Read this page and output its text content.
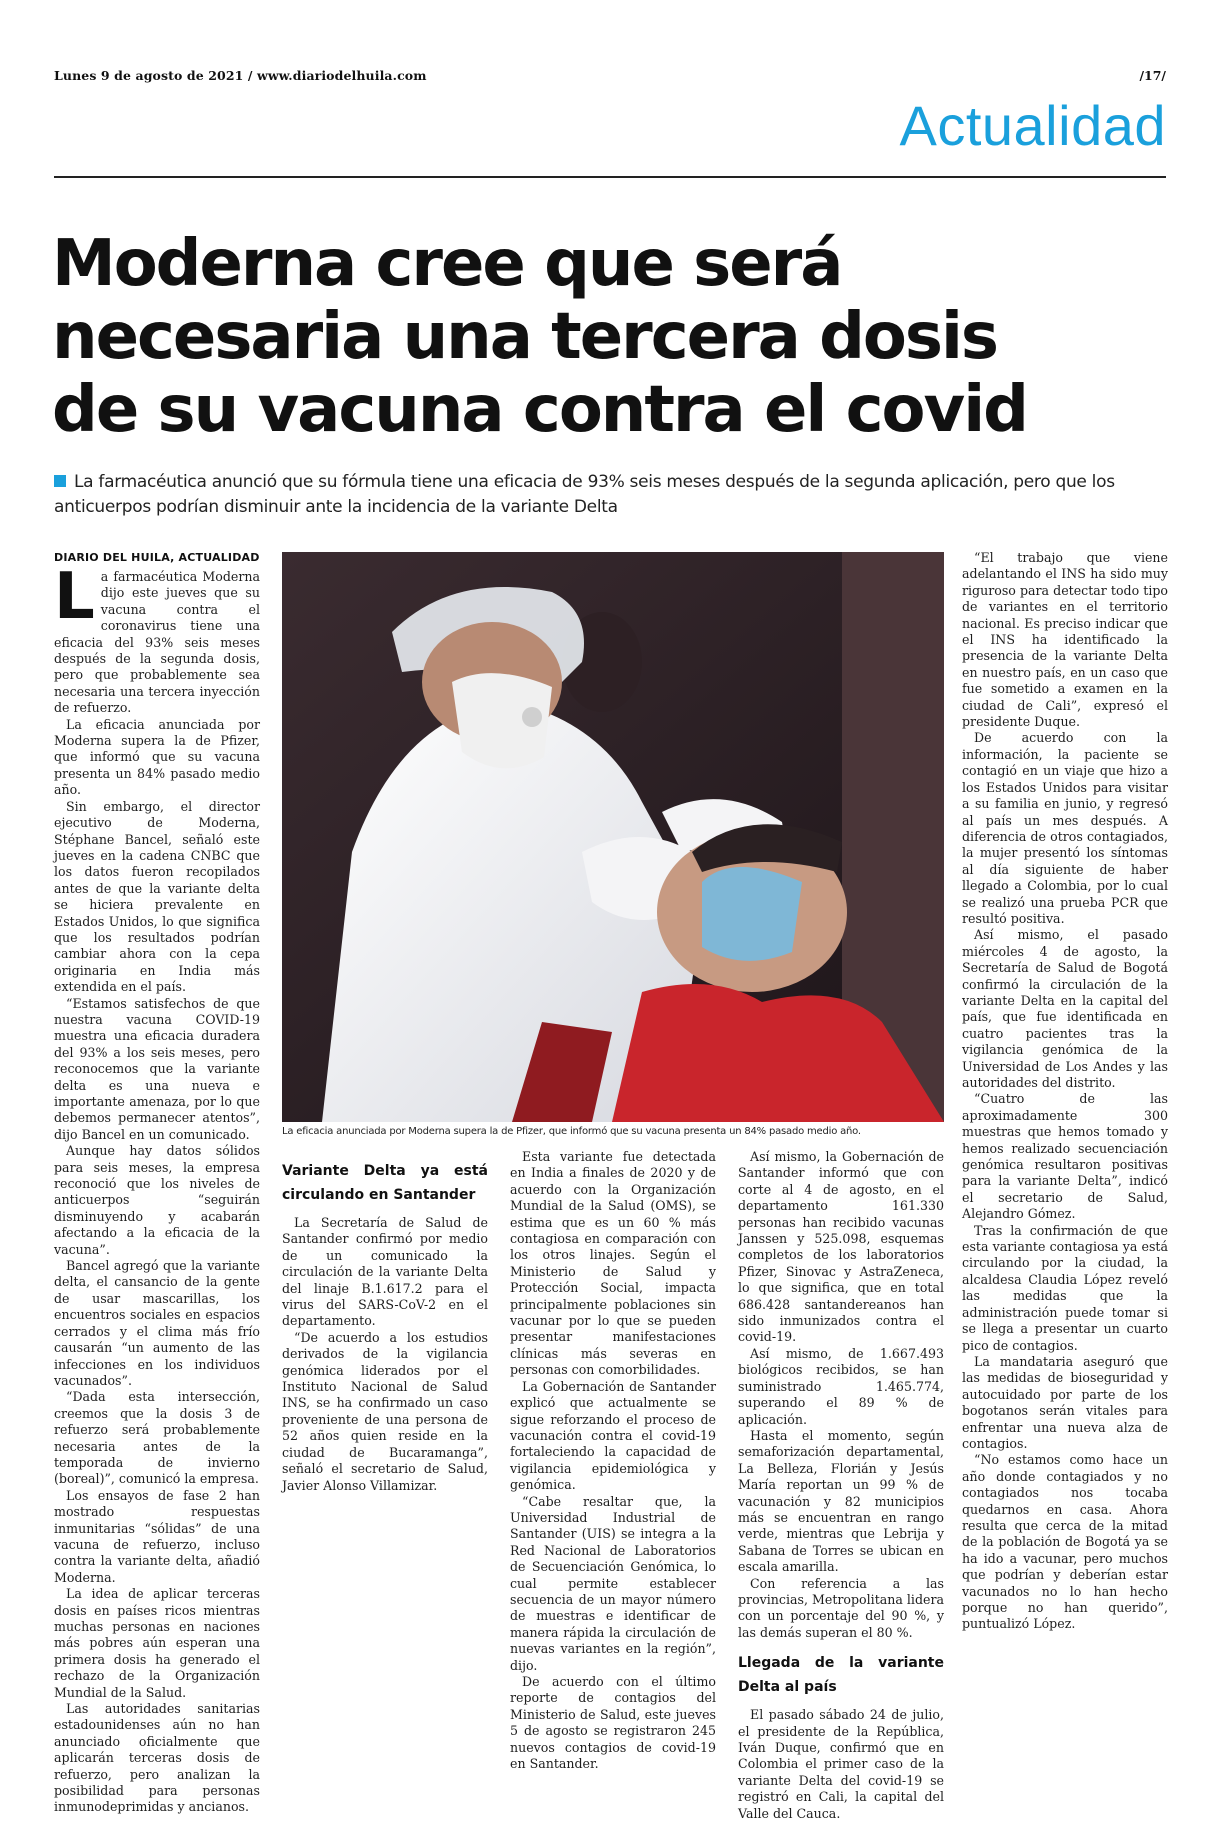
Lunes 9 de agosto de 2021 / www.diariodelhuila.com	/17/
Actualidad
Moderna cree que será
necesaria una tercera dosis
de su vacuna contra el covid
La farmacéutica anunció que su fórmula tiene una eficacia de 93% seis meses después de la segunda aplicación, pero que los anticuerpos podrían disminuir ante la incidencia de la variante Delta
DIARIO DEL HUILA, ACTUALIDAD

La farmacéutica Moderna dijo este jueves que su vacuna contra el coronavirus tiene una eficacia del 93% seis meses después de la segunda dosis, pero que probablemente sea necesaria una tercera inyección de refuerzo.

La eficacia anunciada por Moderna supera la de Pfizer, que informó que su vacuna presenta un 84% pasado medio año.

Sin embargo, el director ejecutivo de Moderna, Stéphane Bancel, señaló este jueves en la cadena CNBC que los datos fueron recopilados antes de que la variante delta se hiciera prevalente en Estados Unidos, lo que significa que los resultados podrían cambiar ahora con la cepa originaria en India más extendida en el país.

“Estamos satisfechos de que nuestra vacuna COVID-19 muestra una eficacia duradera del 93% a los seis meses, pero reconocemos que la variante delta es una nueva e importante amenaza, por lo que debemos permanecer atentos”, dijo Bancel en un comunicado.

Aunque hay datos sólidos para seis meses, la empresa reconoció que los niveles de anticuerpos “seguirán disminuyendo y acabarán afectando a la eficacia de la vacuna”.

Bancel agregó que la variante delta, el cansancio de la gente de usar mascarillas, los encuentros sociales en espacios cerrados y el clima más frío causarán “un aumento de las infecciones en los individuos vacunados”.

“Dada esta intersección, creemos que la dosis 3 de refuerzo será probablemente necesaria antes de la temporada de invierno (boreal)”, comunicó la empresa.

Los ensayos de fase 2 han mostrado respuestas inmunitarias “sólidas” de una vacuna de refuerzo, incluso contra la variante delta, añadió Moderna.

La idea de aplicar terceras dosis en países ricos mientras muchas personas en naciones más pobres aún esperan una primera dosis ha generado el rechazo de la Organización Mundial de la Salud.

Las autoridades sanitarias estadounidenses aún no han anunciado oficialmente que aplicarán terceras dosis de refuerzo, pero analizan la posibilidad para personas inmunodeprimidas y ancianos.

La eficacia anunciada por Moderna supera la de Pfizer, que informó que su vacuna presenta un 84% pasado medio año.
Variante Delta ya está circulando en Santander

La Secretaría de Salud de Santander confirmó por medio de un comunicado la circulación de la variante Delta del linaje B.1.617.2 para el virus del SARS-CoV-2 en el departamento.

“De acuerdo a los estudios derivados de la vigilancia genómica liderados por el Instituto Nacional de Salud INS, se ha confirmado un caso proveniente de una persona de 52 años quien reside en la ciudad de Bucaramanga”, señaló el secretario de Salud, Javier Alonso Villamizar.

Esta variante fue detectada en India a finales de 2020 y de acuerdo con la Organización Mundial de la Salud (OMS), se estima que es un 60 % más contagiosa en comparación con los otros linajes. Según el Ministerio de Salud y Protección Social, impacta principalmente poblaciones sin vacunar por lo que se pueden presentar manifestaciones clínicas más severas en personas con comorbilidades.

La Gobernación de Santander explicó que actualmente se sigue reforzando el proceso de vacunación contra el covid-19 fortaleciendo la capacidad de vigilancia epidemiológica y genómica.

“Cabe resaltar que, la Universidad Industrial de Santander (UIS) se integra a la Red Nacional de Laboratorios de Secuenciación Genómica, lo cual permite establecer secuencia de un mayor número de muestras e identificar de manera rápida la circulación de nuevas variantes en la región”, dijo.

De acuerdo con el último reporte de contagios del Ministerio de Salud, este jueves 5 de agosto se registraron 245 nuevos contagios de covid-19 en Santander.

Así mismo, la Gobernación de Santander informó que con corte al 4 de agosto, en el departamento 161.330 personas han recibido vacunas Janssen y 525.098, esquemas completos de los laboratorios Pfizer, Sinovac y AstraZeneca, lo que significa, que en total 686.428 santandereanos han sido inmunizados contra el covid-19.

Así mismo, de 1.667.493 biológicos recibidos, se han suministrado 1.465.774, superando el 89 % de aplicación.

Hasta el momento, según semaforización departamental, La Belleza, Florián y Jesús María reportan un 99 % de vacunación y 82 municipios más se encuentran en rango verde, mientras que Lebrija y Sabana de Torres se ubican en escala amarilla.

Con referencia a las provincias, Metropolitana lidera con un porcentaje del 90 %, y las demás superan el 80 %.

Llegada de la variante Delta al país

El pasado sábado 24 de julio, el presidente de la República, Iván Duque, confirmó que en Colombia el primer caso de la variante Delta del covid-19 se registró en Cali, la capital del Valle del Cauca.

“El trabajo que viene adelantando el INS ha sido muy riguroso para detectar todo tipo de variantes en el territorio nacional. Es preciso indicar que el INS ha identificado la presencia de la variante Delta en nuestro país, en un caso que fue sometido a examen en la ciudad de Cali”, expresó el presidente Duque.

De acuerdo con la información, la paciente se contagió en un viaje que hizo a los Estados Unidos para visitar a su familia en junio, y regresó al país un mes después. A diferencia de otros contagiados, la mujer presentó los síntomas al día siguiente de haber llegado a Colombia, por lo cual se realizó una prueba PCR que resultó positiva.

Así mismo, el pasado miércoles 4 de agosto, la Secretaría de Salud de Bogotá confirmó la circulación de la variante Delta en la capital del país, que fue identificada en cuatro pacientes tras la vigilancia genómica de la Universidad de Los Andes y las autoridades del distrito.

“Cuatro de las aproximadamente 300 muestras que hemos tomado y hemos realizado secuenciación genómica resultaron positivas para la variante Delta”, indicó el secretario de Salud, Alejandro Gómez.

Tras la confirmación de que esta variante contagiosa ya está circulando por la ciudad, la alcaldesa Claudia López reveló las medidas que la administración puede tomar si se llega a presentar un cuarto pico de contagios.

La mandataria aseguró que las medidas de bioseguridad y autocuidado por parte de los bogotanos serán vitales para enfrentar una nueva alza de contagios.

“No estamos como hace un año donde contagiados y no contagiados nos tocaba quedarnos en casa. Ahora resulta que cerca de la mitad de la población de Bogotá ya se ha ido a vacunar, pero muchos que podrían y deberían estar vacunados no lo han hecho porque no han querido”, puntualizó López.
